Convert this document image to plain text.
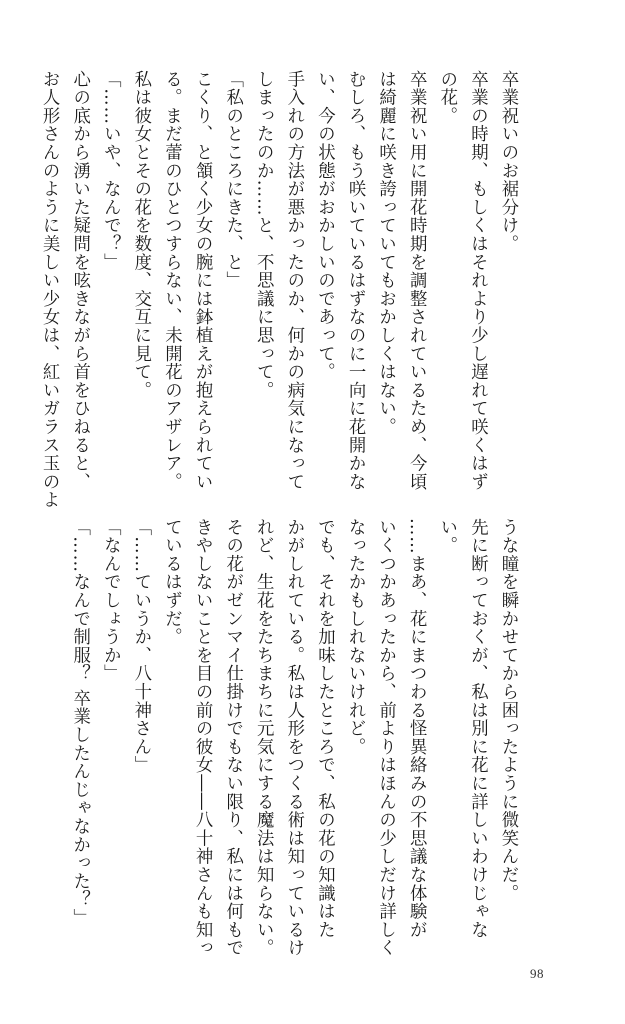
卒業祝いのお裾分け。
卒業の時期、もしくはそれより少し遅れて咲くはず
の花。
卒業祝い用に開花時期を調整されているため、今頃
は綺麗に咲き誇っていてもおかしくはない。
むしろ、もう咲いているはずなのに一向に花開かな
い、今の状態がおかしいのであって。
手入れの方法が悪かったのか、何かの病気になって
しまったのか……と、不思議に思って。
「私のところにきた、と」
こくり、と頷く少女の腕には鉢植えが抱えられてい
る。まだ蕾のひとつすらない、未開花のアザレア。
私は彼女とその花を数度、交互に見て。
「……いや、なんで？」
心の底から湧いた疑問を呟きながら首をひねると、
お人形さんのように美しい少女は、紅いガラス玉のよ
うな瞳を瞬かせてから困ったように微笑んだ。
先に断っておくが、私は別に花に詳しいわけじゃな
い。
……まあ、花にまつわる怪異絡みの不思議な体験が
いくつかあったから、前よりはほんの少しだけ詳しく
なったかもしれないけれど。
でも、それを加味したところで、私の花の知識はた
かがしれている。私は人形をつくる術は知っているけ
れど、生花をたちまちに元気にする魔法は知らない。
その花がゼンマイ仕掛けでもない限り、私には何もで
きやしないことを目の前の彼女――八十神さんも知っ
ているはずだ。
「……ていうか、八十神さん」
「なんでしょうか」
「……なんで制服？ 卒業したんじゃなかった？」
98
